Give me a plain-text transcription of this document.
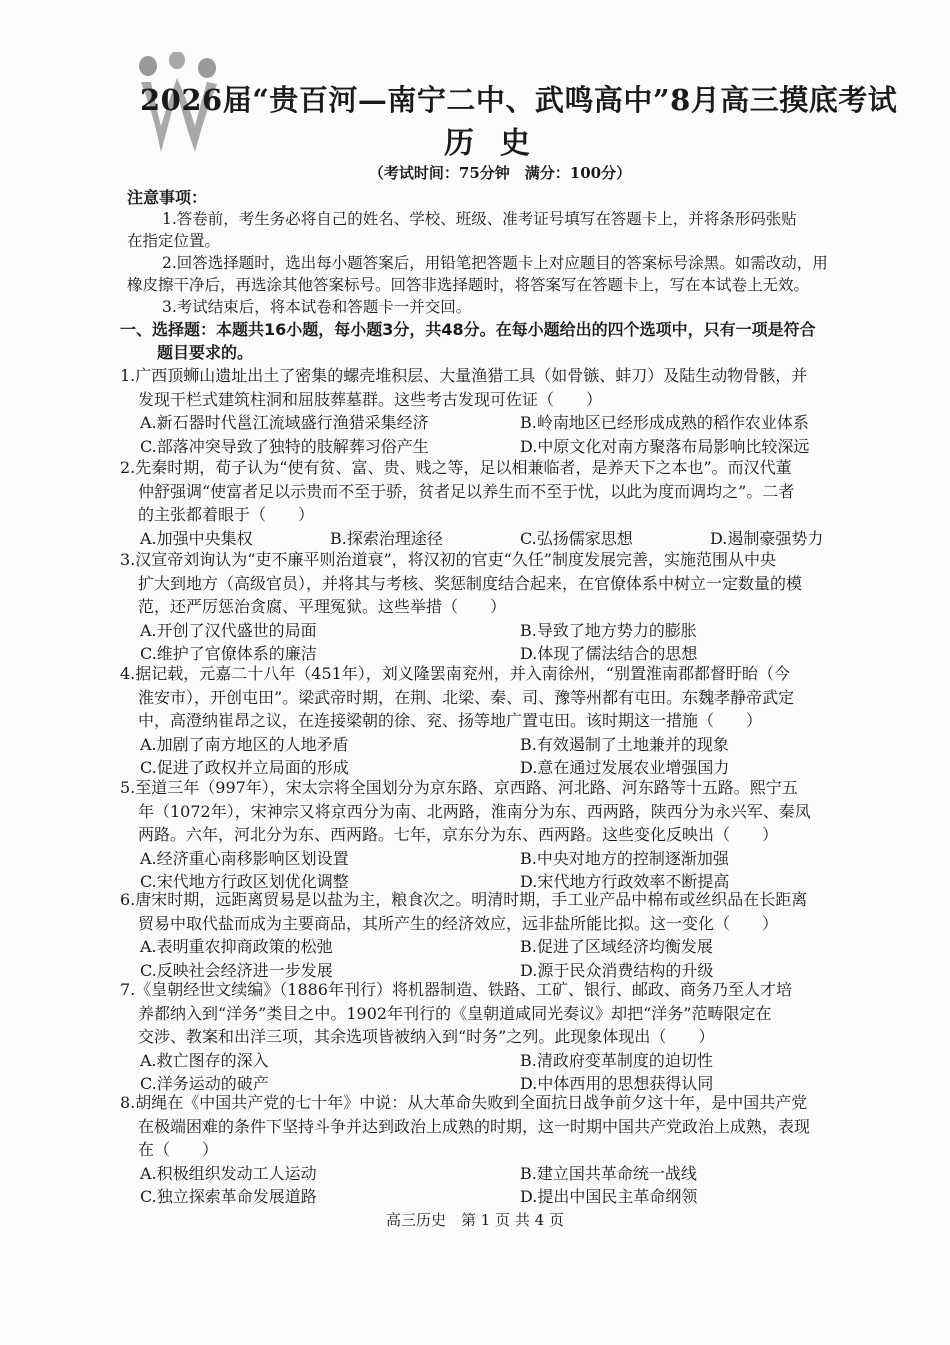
2026届“贵百河—南宁二中、武鸣高中”8月高三摸底考试
历史
（考试时间：75分钟　满分：100分）
注意事项：
1.答卷前，考生务必将自己的姓名、学校、班级、准考证号填写在答题卡上，并将条形码张贴
在指定位置。
2.回答选择题时，选出每小题答案后，用铅笔把答题卡上对应题目的答案标号涂黑。如需改动，用
橡皮擦干净后，再选涂其他答案标号。回答非选择题时，将答案写在答题卡上，写在本试卷上无效。
3.考试结束后，将本试卷和答题卡一并交回。
一、选择题：本题共16小题，每小题3分，共48分。在每小题给出的四个选项中，只有一项是符合
题目要求的。
1.广西顶蛳山遗址出土了密集的螺壳堆积层、大量渔猎工具（如骨镞、蚌刀）及陆生动物骨骸，并
发现干栏式建筑柱洞和屈肢葬墓群。这些考古发现可佐证（　　）
A.新石器时代邕江流域盛行渔猎采集经济	B.岭南地区已经形成成熟的稻作农业体系
C.部落冲突导致了独特的肢解葬习俗产生	D.中原文化对南方聚落布局影响比较深远
2.先秦时期，荀子认为“使有贫、富、贵、贱之等，足以相兼临者，是养天下之本也”。而汉代董
仲舒强调“使富者足以示贵而不至于骄，贫者足以养生而不至于忧，以此为度而调均之”。二者
的主张都着眼于（　　）
A.加强中央集权	B.探索治理途径	C.弘扬儒家思想	D.遏制豪强势力
3.汉宣帝刘询认为“吏不廉平则治道衰”，将汉初的官吏“久任”制度发展完善，实施范围从中央
扩大到地方（高级官员），并将其与考核、奖惩制度结合起来，在官僚体系中树立一定数量的模
范，还严厉惩治贪腐、平理冤狱。这些举措（　　）
A.开创了汉代盛世的局面	B.导致了地方势力的膨胀
C.维护了官僚体系的廉洁	D.体现了儒法结合的思想
4.据记载，元嘉二十八年（451年），刘义隆罢南兖州，并入南徐州，“别置淮南郡都督盱眙（今
淮安市），开创屯田”。梁武帝时期，在荆、北梁、秦、司、豫等州都有屯田。东魏孝静帝武定
中，高澄纳崔昂之议，在连接梁朝的徐、兖、扬等地广置屯田。该时期这一措施（　　）
A.加剧了南方地区的人地矛盾	B.有效遏制了土地兼并的现象
C.促进了政权并立局面的形成	D.意在通过发展农业增强国力
5.至道三年（997年），宋太宗将全国划分为京东路、京西路、河北路、河东路等十五路。熙宁五
年（1072年），宋神宗又将京西分为南、北两路，淮南分为东、西两路，陕西分为永兴军、秦凤
两路。六年，河北分为东、西两路。七年，京东分为东、西两路。这些变化反映出（　　）
A.经济重心南移影响区划设置	B.中央对地方的控制逐渐加强
C.宋代地方行政区划优化调整	D.宋代地方行政效率不断提高
6.唐宋时期，远距离贸易是以盐为主，粮食次之。明清时期，手工业产品中棉布或丝织品在长距离
贸易中取代盐而成为主要商品，其所产生的经济效应，远非盐所能比拟。这一变化（　　）
A.表明重农抑商政策的松弛	B.促进了区域经济均衡发展
C.反映社会经济进一步发展	D.源于民众消费结构的升级
7.《皇朝经世文续编》（1886年刊行）将机器制造、铁路、工矿、银行、邮政、商务乃至人才培
养都纳入到“洋务”类目之中。1902年刊行的《皇朝道咸同光奏议》却把“洋务”范畴限定在
交涉、教案和出洋三项，其余选项皆被纳入到“时务”之列。此现象体现出（　　）
A.救亡图存的深入	B.清政府变革制度的迫切性
C.洋务运动的破产	D.中体西用的思想获得认同
8.胡绳在《中国共产党的七十年》中说：从大革命失败到全面抗日战争前夕这十年，是中国共产党
在极端困难的条件下坚持斗争并达到政治上成熟的时期，这一时期中国共产党政治上成熟，表现
在（　　）
A.积极组织发动工人运动	B.建立国共革命统一战线
C.独立探索革命发展道路	D.提出中国民主革命纲领
高三历史　第 1 页 共 4 页
